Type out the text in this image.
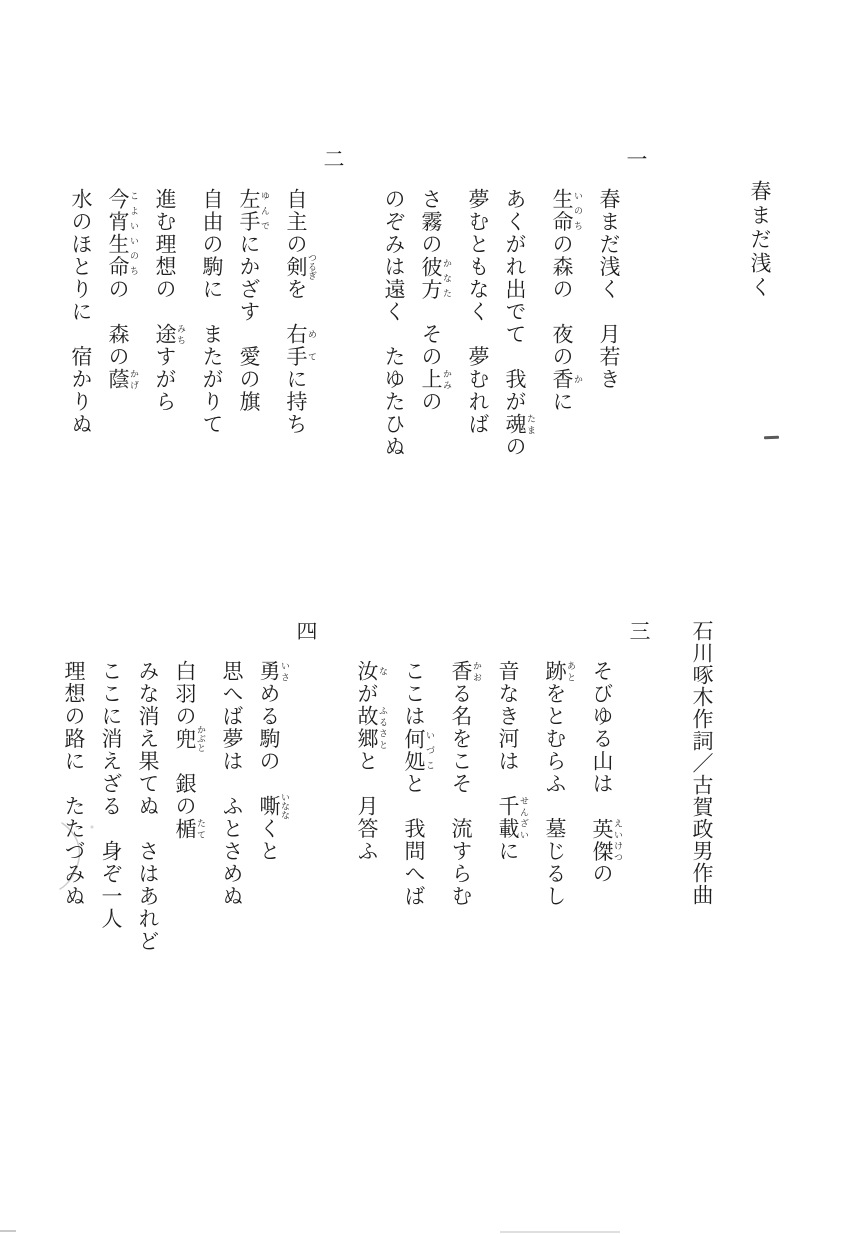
春まだ浅く
一

春まだ浅く　月若き

生命 いのちの森の　夜の香 かに

あくがれ出でて　我が魂 たまの

夢むともなく　夢むれば

さ霧の彼方 かなた　その上 かみの

のぞみは遠く　たゆたひぬ

二

自主の剣 つるぎを　右手 めてに持ち

左手 ゆんでにかざす　愛の旗

自由の駒に　またがりて

進む理想の　途 みちすがら

今宵生命 こよいいのちの　森の蔭 かげ

水のほとりに　宿かりぬ

石川啄木作詞／古賀政男作曲
三

そびゆる山は　英傑 えいけつの

跡 あとをとむらふ　墓じるし

音なき河は　千載 せんざいに

香 かおる名をこそ　流すらむ

ここは何処 いづこと　我問へば

汝 なが故郷 ふるさとと　月答ふ

四

勇 いさめる駒の　嘶 いななくと

思へば夢は　ふとさめぬ

白羽の兜 かぶと　銀の楯 たて

みな消え果てぬ　さはあれど

ここに消えざる　身ぞ一人

理想の路に　たたづみぬ
